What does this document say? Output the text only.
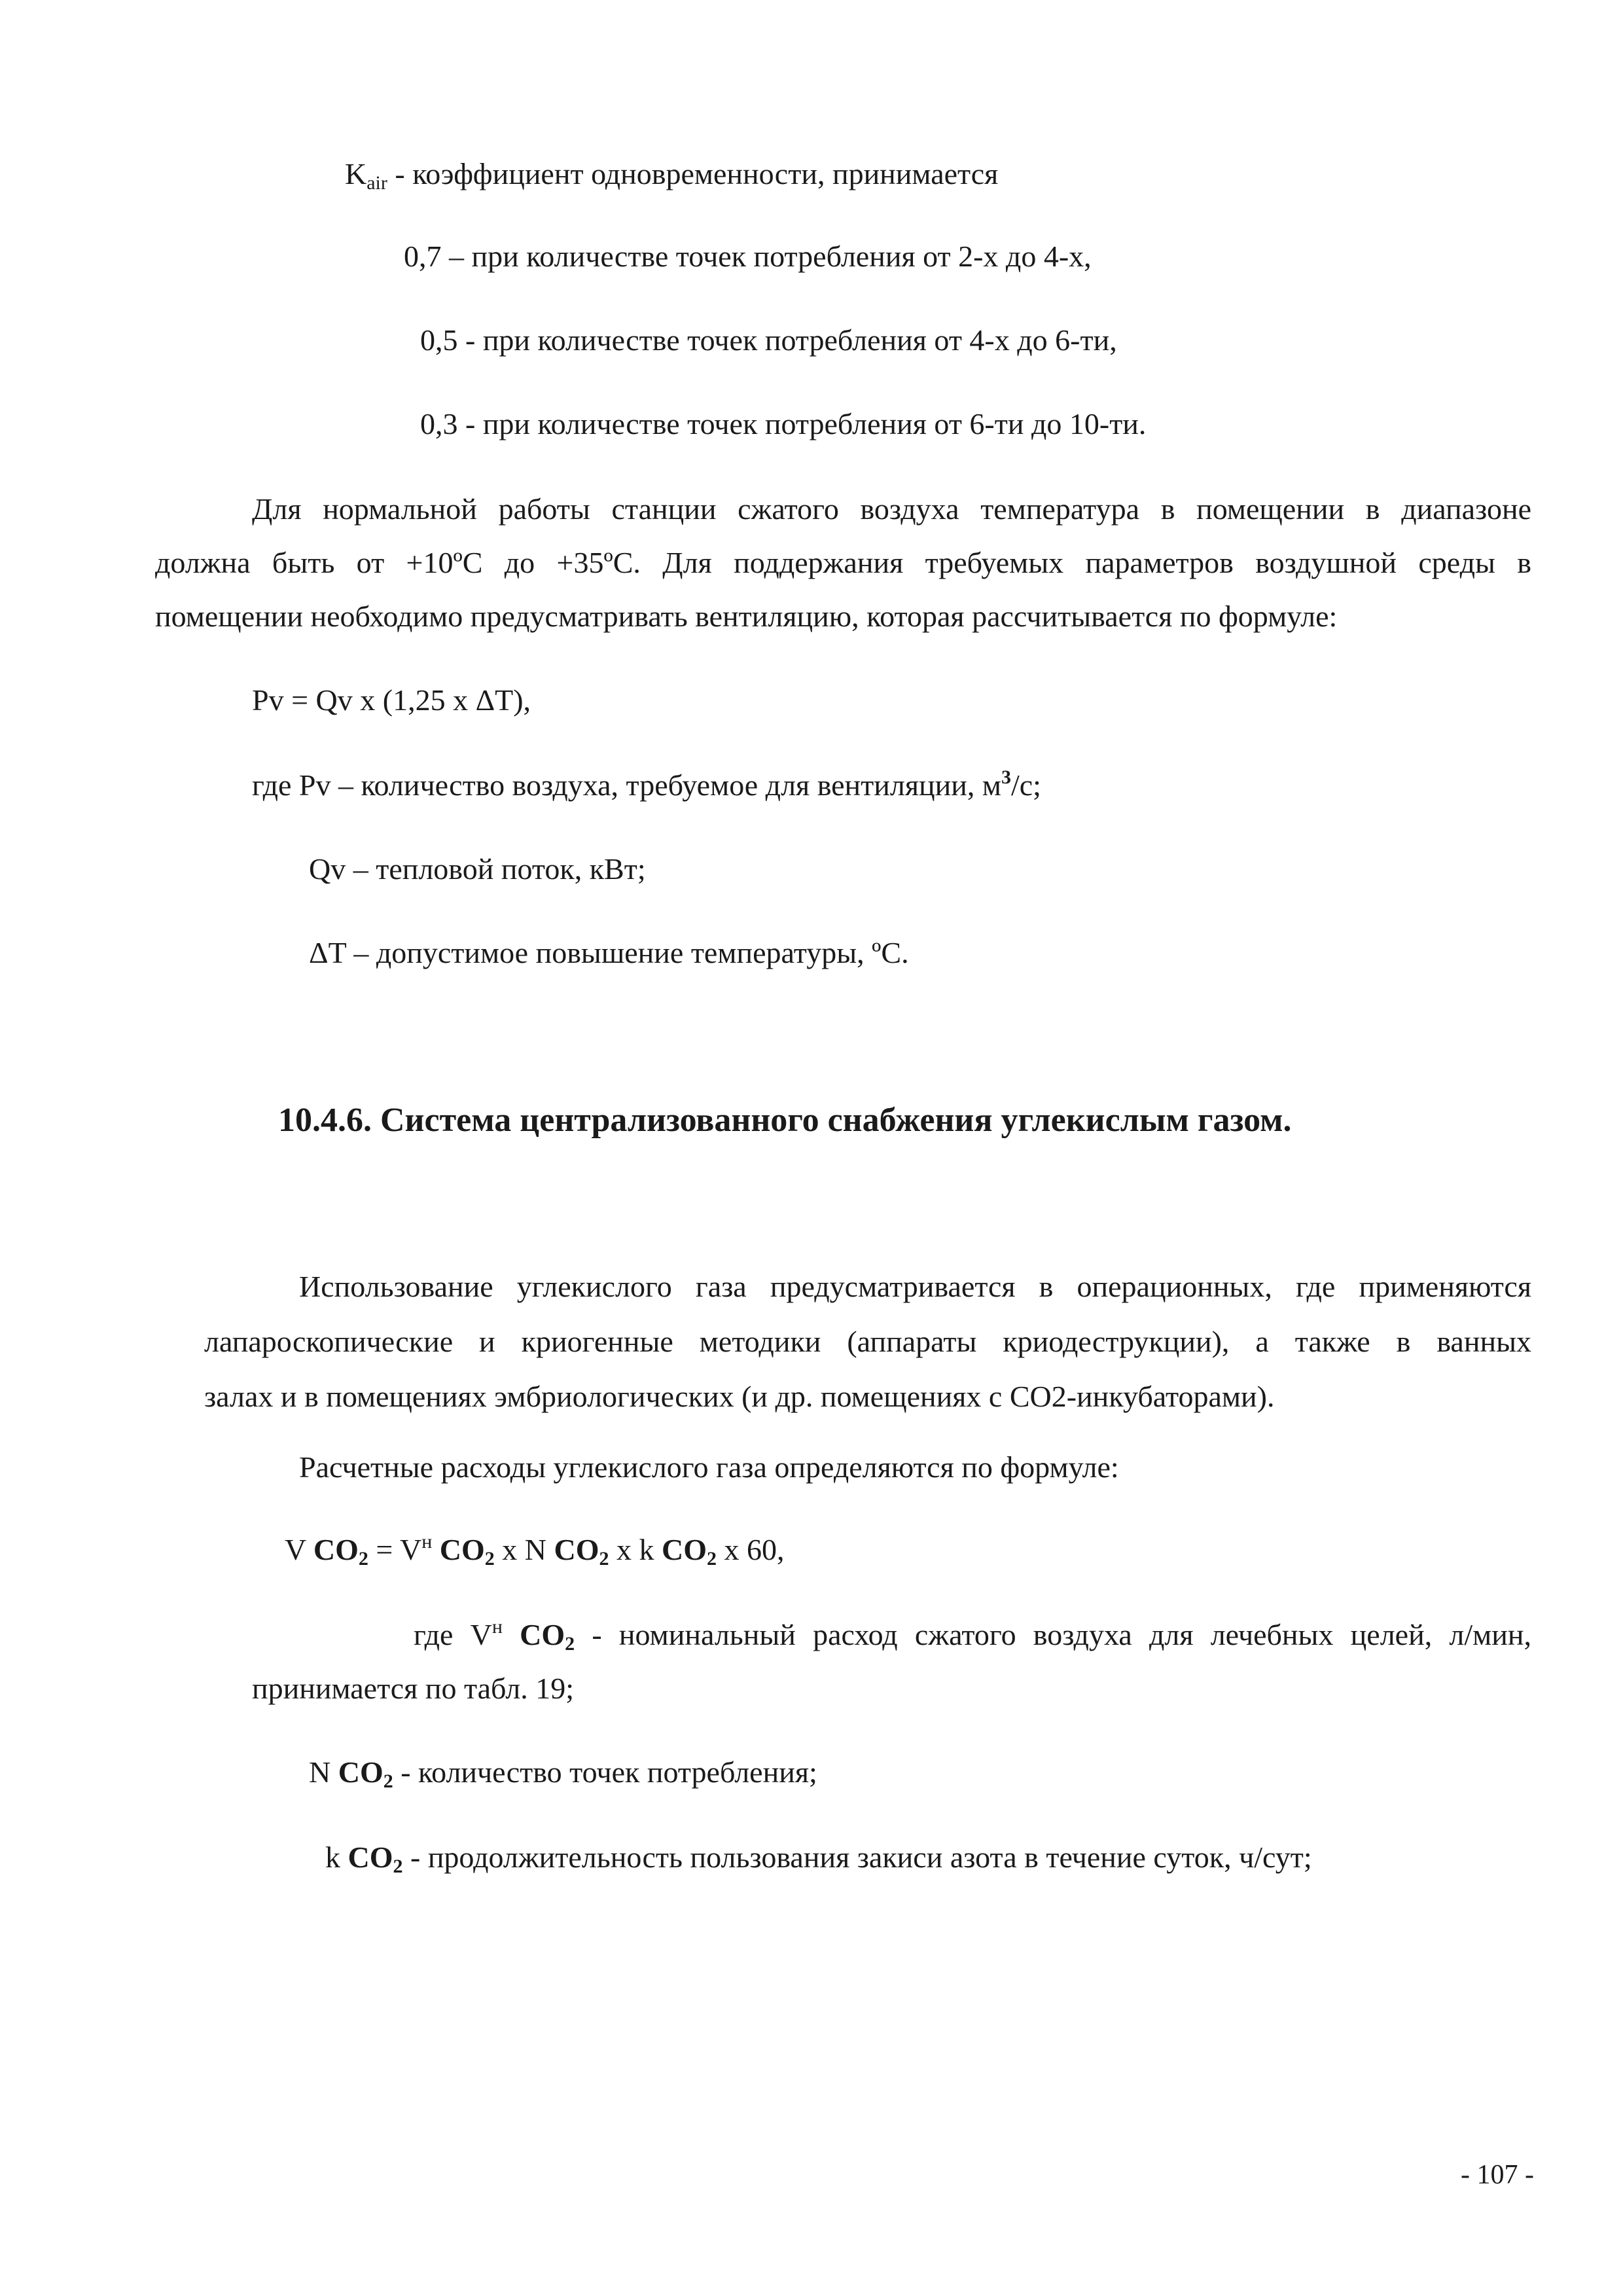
$K_{air}$ - коэффициент одновременности, принимается
0,7 – при количестве точек потребления от 2-х до 4-х,
0,5 - при количестве точек потребления от 4-х до 6-ти,
0,3 - при количестве точек потребления от 6-ти до 10-ти.
Для нормальной работы станции сжатого воздуха температура в помещении в диапазоне
должна быть от +10ºС до +35ºС. Для поддержания требуемых параметров воздушной среды в
помещении необходимо предусматривать вентиляцию, которая рассчитывается по формуле:
Pv = Qv x (1,25 x ΔT),
где Pv – количество воздуха, требуемое для вентиляции, $м^3/с$;
Qv – тепловой поток, кВт;
ΔT – допустимое повышение температуры, ºС.
10.4.6. Система централизованного снабжения углекислым газом.
Использование углекислого газа предусматривается в операционных, где применяются
лапароскопические и криогенные методики (аппараты криодеструкции), а также в ванных
залах и в помещениях эмбриологических (и др. помещениях с СО2-инкубаторами).
Расчетные расходы углекислого газа определяются по формуле:
V $CO_2 = V^н$ $CO_2$ x N $CO_2$ x k $CO_2$ x 60,
где $V^н$ $CO_2$ - номинальный расход сжатого воздуха для лечебных целей, л/мин,
принимается по табл. 19;
N $CO_2$ - количество точек потребления;
k $CO_2$ - продолжительность пользования закиси азота в течение суток, ч/сут;
- 107 -
